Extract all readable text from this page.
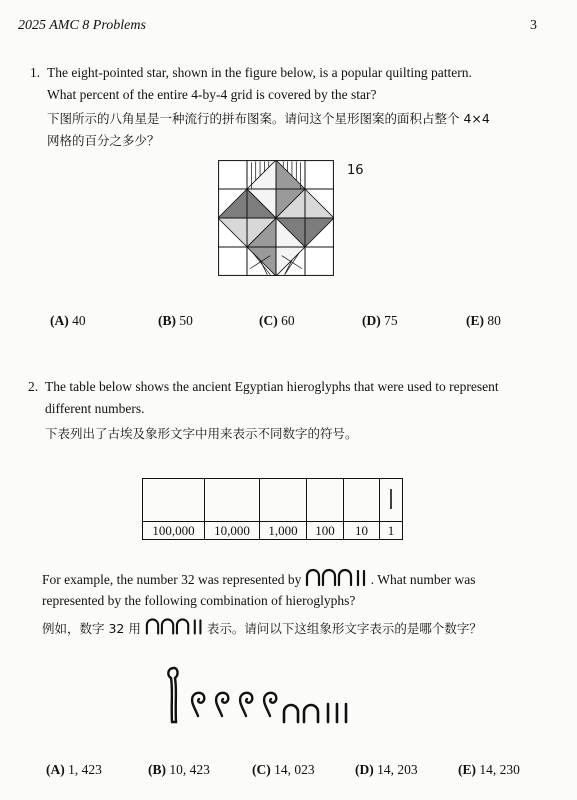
2025 AMC 8 Problems	3
1. The eight-pointed star, shown in the figure below, is a popular quilting pattern.
What percent of the entire 4-by-4 grid is covered by the star?
下图所示的八角星是一种流行的拼布图案。请问这个星形图案的面积占整个 4×4
网格的百分之多少？
16
(A) 40	(B) 50	(C) 60	(D) 75	(E) 80
2. The table below shows the ancient Egyptian hieroglyphs that were used to represent
different numbers.
下表列出了古埃及象形文字中用来表示不同数字的符号。

100,000	10,000	1,000	100	10	1
For example, the number 32 was represented by	. What number was
represented by the following combination of hieroglyphs?
例如，数字 32 用	表示。请问以下这组象形文字表示的是哪个数字？
(A) 1, 423	(B) 10, 423	(C) 14, 023	(D) 14, 203	(E) 14, 230
